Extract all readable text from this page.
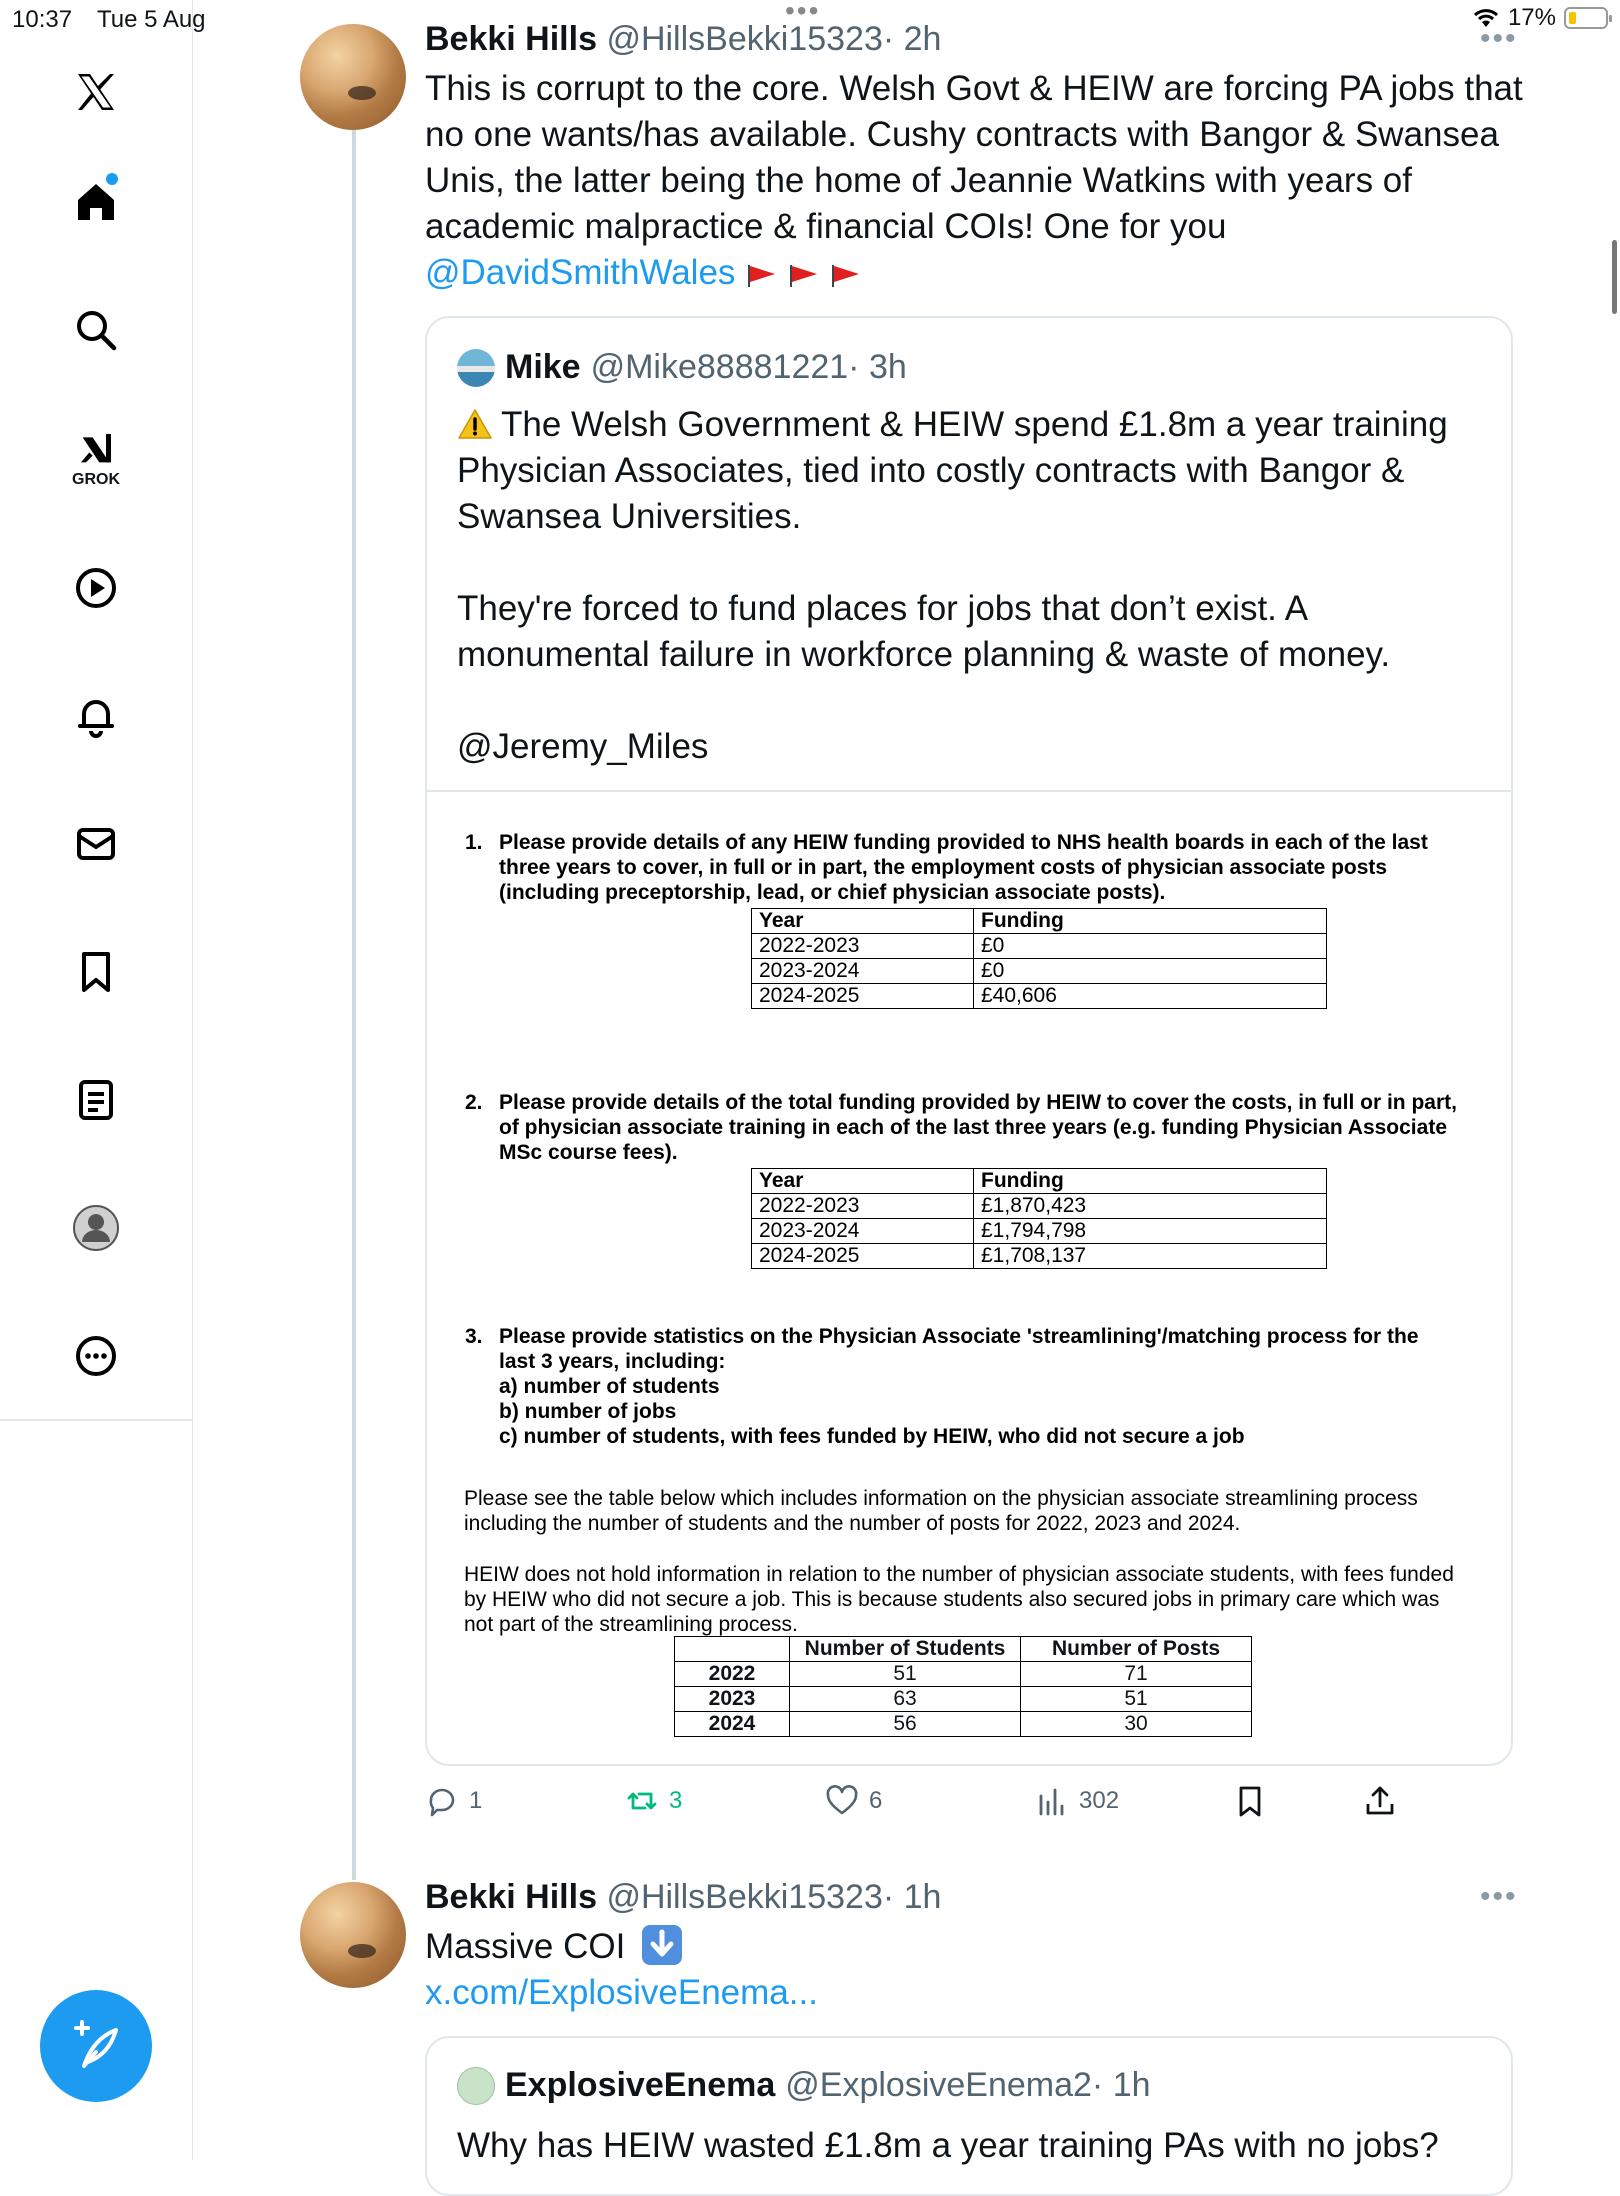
10:37 Tue 5 Aug	•••	17%
GROK
Bekki Hills @HillsBekki15323· 2h	•••
This is corrupt to the core. Welsh Govt & HEIW are forcing PA jobs that no one wants/has available. Cushy contracts with Bangor & Swansea Unis, the latter being the home of Jeannie Watkins with years of academic malpractice & financial COIs! One for you
@DavidSmithWales
Mike @Mike88881221· 3h

The Welsh Government & HEIW spend £1.8m a year training Physician Associates, tied into costly contracts with Bangor & Swansea Universities.

They're forced to fund places for jobs that don’t exist. A monumental failure in workforce planning & waste of money.

@Jeremy_Miles

1. Please provide details of any HEIW funding provided to NHS health boards in each of the last three years to cover, in full or in part, the employment costs of physician associate posts (including preceptorship, lead, or chief physician associate posts).
Year	Funding
2022-2023	£0
2023-2024	£0
2024-2025	£40,606
2. Please provide details of the total funding provided by HEIW to cover the costs, in full or in part, of physician associate training in each of the last three years (e.g. funding Physician Associate MSc course fees).
Year	Funding
2022-2023	£1,870,423
2023-2024	£1,794,798
2024-2025	£1,708,137
3. Please provide statistics on the Physician Associate 'streamlining'/matching process for the last 3 years, including:
a) number of students
b) number of jobs
c) number of students, with fees funded by HEIW, who did not secure a job
Please see the table below which includes information on the physician associate streamlining process including the number of students and the number of posts for 2022, 2023 and 2024.
HEIW does not hold information in relation to the number of physician associate students, with fees funded by HEIW who did not secure a job. This is because students also secured jobs in primary care which was not part of the streamlining process.
	Number of Students	Number of Posts
2022	51	71
2023	63	51
2024	56	30
1	3	6	302
Bekki Hills @HillsBekki15323· 1h	•••
Massive COI
x.com/ExplosiveEnema...
ExplosiveEnema @ExplosiveEnema2· 1h
Why has HEIW wasted £1.8m a year training PAs with no jobs?
